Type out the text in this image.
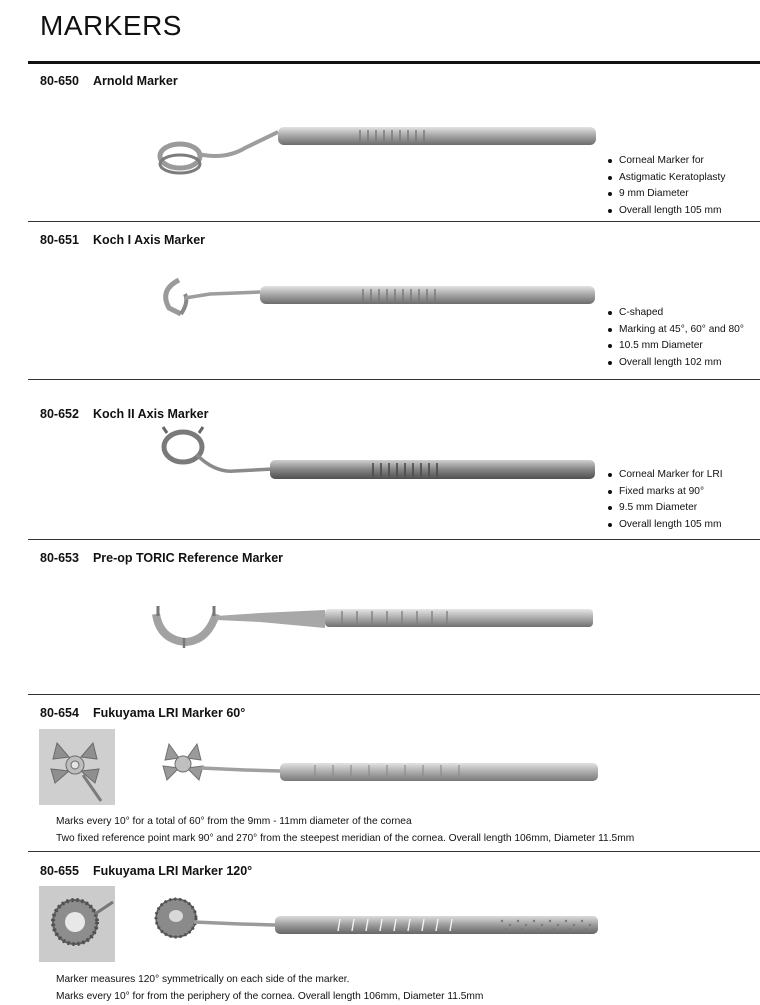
MARKERS
80-650 Arnold Marker
Corneal Marker for
Astigmatic Keratoplasty
9 mm Diameter
Overall length 105 mm
80-651 Koch I Axis Marker
C-shaped
Marking at 45°, 60° and 80°
10.5 mm Diameter
Overall length 102 mm
80-652 Koch II Axis Marker
Corneal Marker for LRI
Fixed marks at 90°
9.5 mm Diameter
Overall length 105 mm
80-653 Pre-op TORIC Reference Marker
80-654 Fukuyama LRI Marker 60°
Marks every 10° for a total of 60° from the 9mm - 11mm diameter of the cornea
Two fixed reference point mark 90° and 270° from the steepest meridian of the cornea. Overall length 106mm, Diameter 11.5mm
80-655 Fukuyama LRI Marker 120°
Marker measures 120° symmetrically on each side of the marker.
Marks every 10° for from the periphery of the cornea. Overall length 106mm, Diameter 11.5mm
